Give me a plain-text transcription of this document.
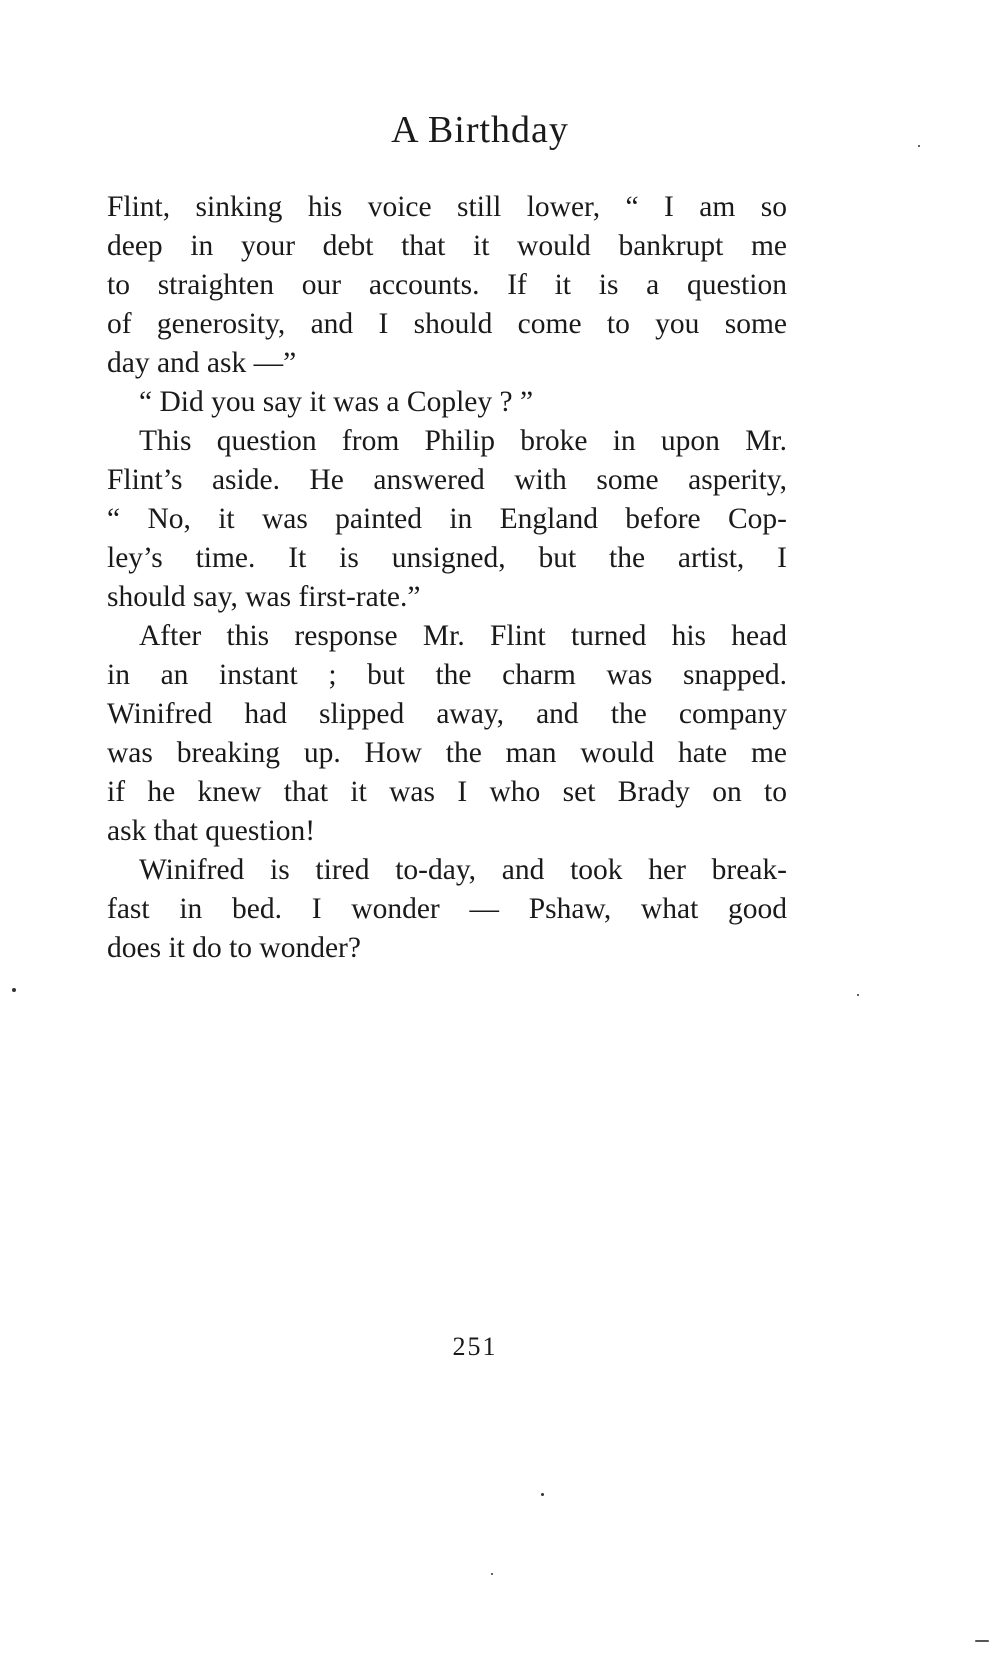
A Birthday
Flint, sinking his voice still lower, “ I am so
deep in your debt that it would bankrupt me
to straighten our accounts. If it is a question
of generosity, and I should come to you some
day and ask —”
“ Did you say it was a Copley ? ”
This question from Philip broke in upon Mr.
Flint’s aside. He answered with some asperity,
“ No, it was painted in England before Cop-
ley’s time. It is unsigned, but the artist, I
should say, was first-rate.”
After this response Mr. Flint turned his head
in an instant ; but the charm was snapped.
Winifred had slipped away, and the company
was breaking up. How the man would hate me
if he knew that it was I who set Brady on to
ask that question!
Winifred is tired to-day, and took her break-
fast in bed. I wonder — Pshaw, what good
does it do to wonder?
251
